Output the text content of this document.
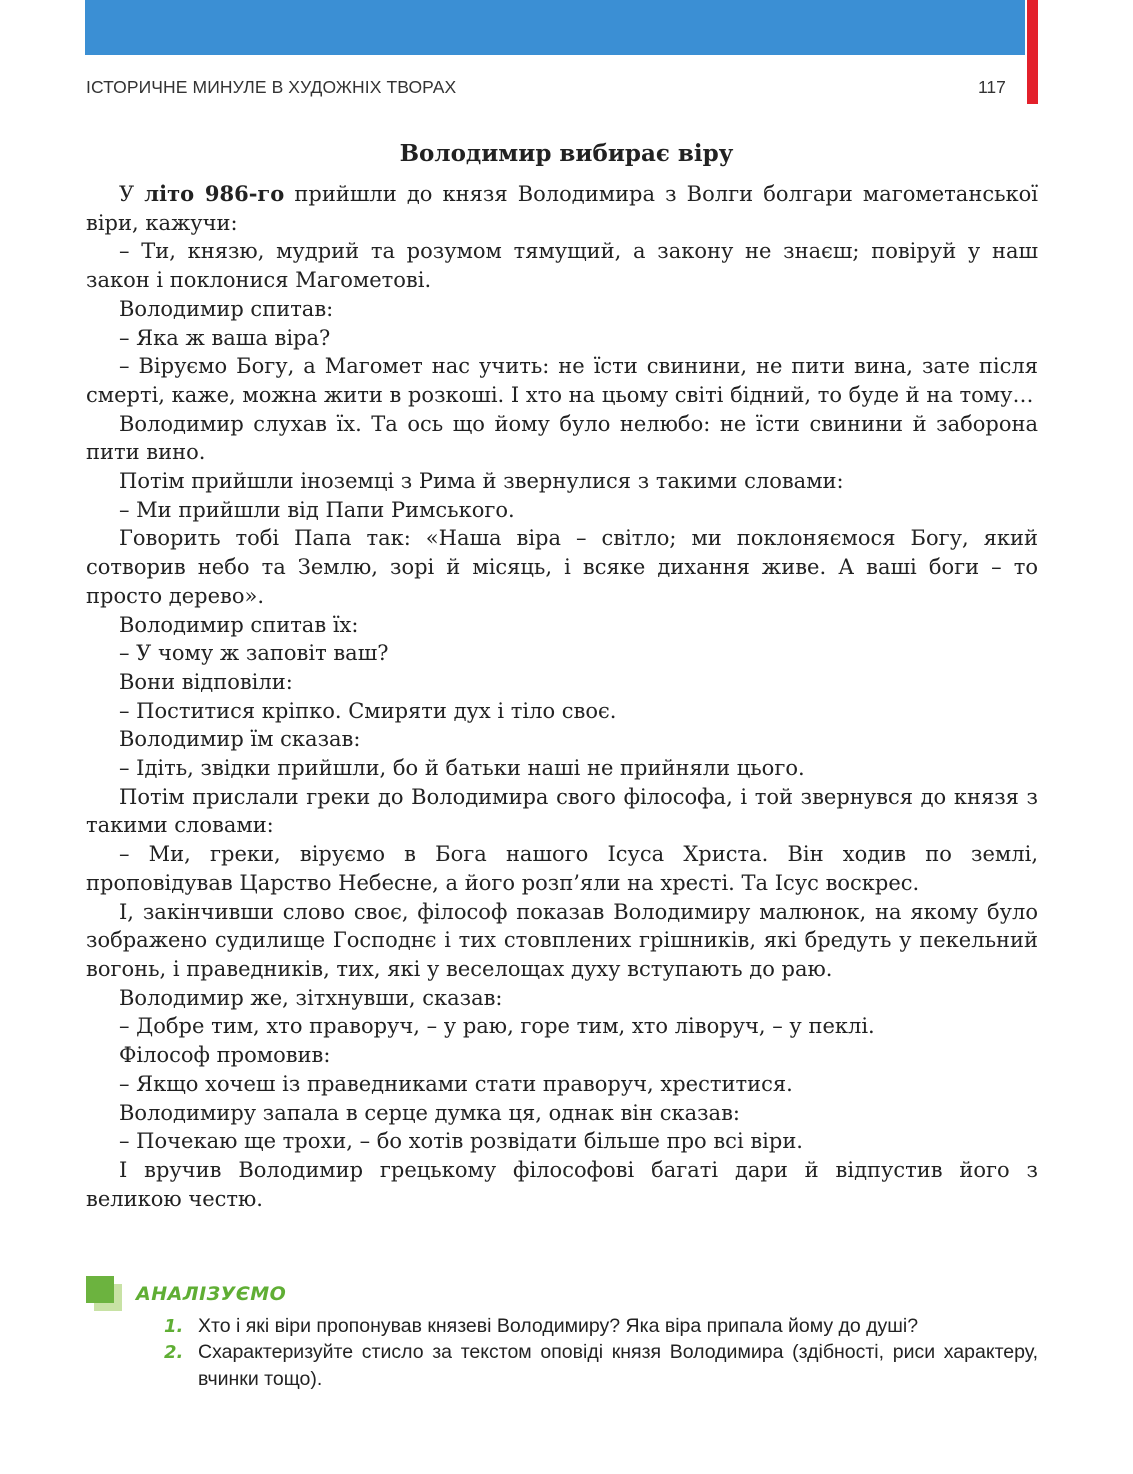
ІСТОРИЧНЕ МИНУЛЕ В ХУДОЖНІХ ТВОРАХ	117
Володимир вибирає віру

У літо 986-го прийшли до князя Володимира з Волги болгари магометанської віри, кажучи:

– Ти, князю, мудрий та розумом тямущий, а закону не знаєш; повіруй у наш закон і поклонися Магометові.

Володимир спитав:

– Яка ж ваша віра?

– Віруємо Богу, а Магомет нас учить: не їсти свинини, не пити вина, зате після смерті, каже, можна жити в розкоші. І хто на цьому світі бідний, то буде й на тому…

Володимир слухав їх. Та ось що йому було нелюбо: не їсти свинини й заборона пити вино.

Потім прийшли іноземці з Рима й звернулися з такими словами:

– Ми прийшли від Папи Римського.

Говорить тобі Папа так: «Наша віра – світло; ми поклоняємося Богу, який сотворив небо та Землю, зорі й місяць, і всяке дихання живе. А ваші боги – то просто дерево».

Володимир спитав їх:

– У чому ж заповіт ваш?

Вони відповіли:

– Поститися кріпко. Смиряти дух і тіло своє.

Володимир їм сказав:

– Ідіть, звідки прийшли, бо й батьки наші не прийняли цього.

Потім прислали греки до Володимира свого філософа, і той звернувся до князя з такими словами:

– Ми, греки, віруємо в Бога нашого Ісуса Христа. Він ходив по землі, проповідував Царство Небесне, а його розп’яли на хресті. Та Ісус воскрес.

І, закінчивши слово своє, філософ показав Володимиру малюнок, на якому було зображено судилище Господнє і тих стовплених грішників, які бредуть у пекельний вогонь, і праведників, тих, які у веселощах духу вступають до раю.

Володимир же, зітхнувши, сказав:

– Добре тим, хто праворуч, – у раю, горе тим, хто ліворуч, – у пеклі.

Філософ промовив:

– Якщо хочеш із праведниками стати праворуч, хреститися.

Володимиру запала в серце думка ця, однак він сказав:

– Почекаю ще трохи, – бо хотів розвідати більше про всі віри.

І вручив Володимир грецькому філософові багаті дари й відпустив його з великою честю.

АНАЛІЗУЄМО
1. Хто і які віри пропонував князеві Володимиру? Яка віра припала йому до душі?
2. Схарактеризуйте стисло за текстом оповіді князя Володимира (здібності, риси характеру, вчинки тощо).
